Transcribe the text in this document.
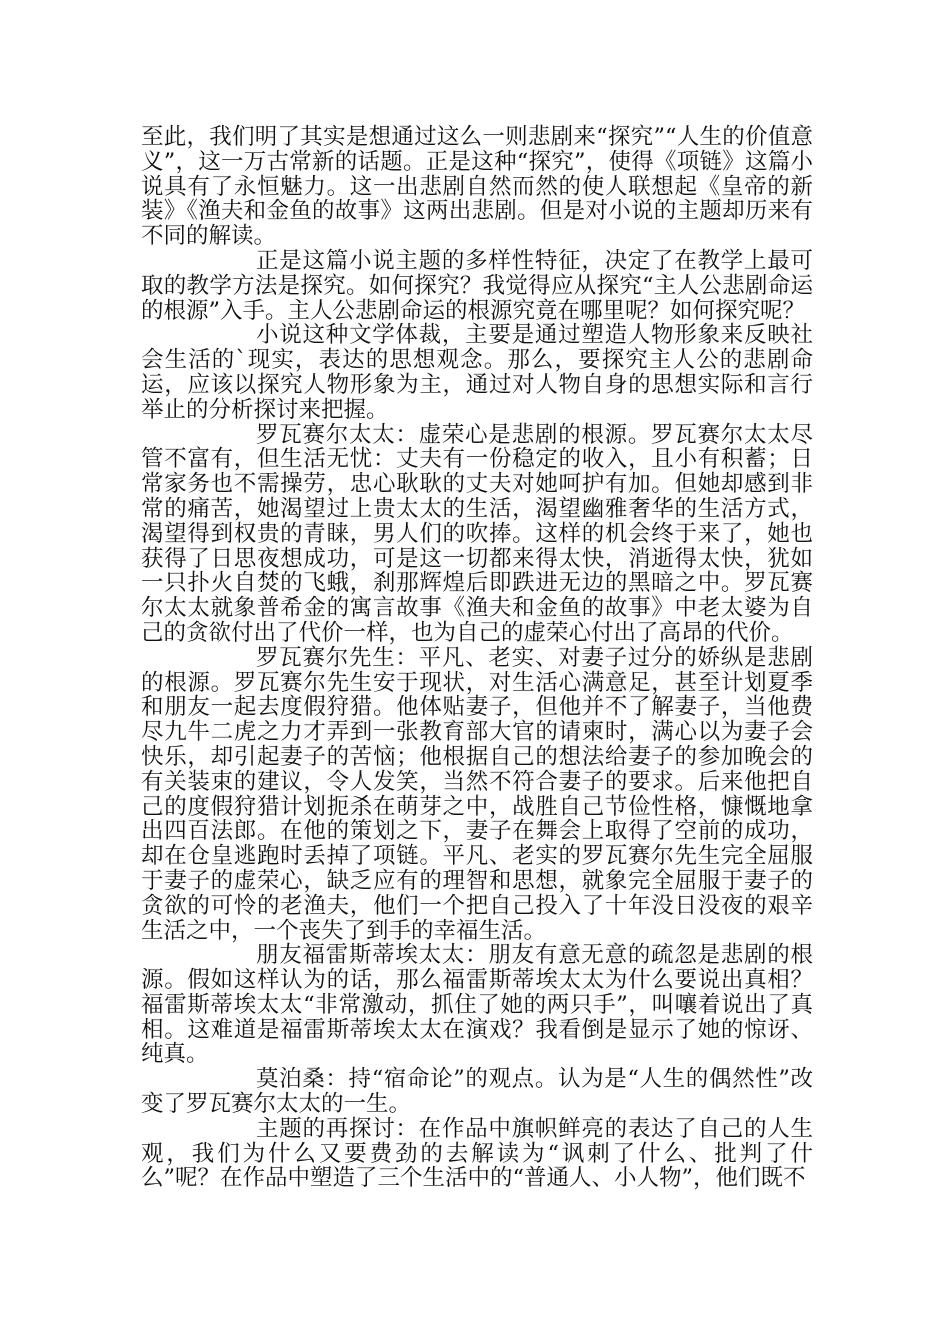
至此，我们明了其实是想通过这么一则悲剧来“探究”“人生的价值意义”，这一万古常新的话题。正是这种“探究”，使得《项链》这篇小说具有了永恒魅力。这一出悲剧自然而然的使人联想起《皇帝的新装》《渔夫和金鱼的故事》这两出悲剧。但是对小说的主题却历来有不同的解读。

正是这篇小说主题的多样性特征，决定了在教学上最可取的教学方法是探究。如何探究？我觉得应从探究“主人公悲剧命运的根源”入手。主人公悲剧命运的根源究竟在哪里呢？如何探究呢？

小说这种文学体裁，主要是通过塑造人物形象来反映社会生活的`现实，表达的思想观念。那么，要探究主人公的悲剧命运，应该以探究人物形象为主，通过对人物自身的思想实际和言行举止的分析探讨来把握。

罗瓦赛尔太太：虚荣心是悲剧的根源。罗瓦赛尔太太尽管不富有，但生活无忧：丈夫有一份稳定的收入，且小有积蓄；日常家务也不需操劳，忠心耿耿的丈夫对她呵护有加。但她却感到非常的痛苦，她渴望过上贵太太的生活，渴望幽雅奢华的生活方式，渴望得到权贵的青睐，男人们的吹捧。这样的机会终于来了，她也获得了日思夜想成功，可是这一切都来得太快，消逝得太快，犹如一只扑火自焚的飞蛾，刹那辉煌后即跌进无边的黑暗之中。罗瓦赛尔太太就象普希金的寓言故事《渔夫和金鱼的故事》中老太婆为自己的贪欲付出了代价一样，也为自己的虚荣心付出了高昂的代价。

罗瓦赛尔先生：平凡、老实、对妻子过分的娇纵是悲剧的根源。罗瓦赛尔先生安于现状，对生活心满意足，甚至计划夏季和朋友一起去度假狩猎。他体贴妻子，但他并不了解妻子，当他费尽九牛二虎之力才弄到一张教育部大官的请柬时，满心以为妻子会快乐，却引起妻子的苦恼；他根据自己的想法给妻子的参加晚会的有关装束的建议，令人发笑，当然不符合妻子的要求。后来他把自己的度假狩猎计划扼杀在萌芽之中，战胜自己节俭性格，慷慨地拿出四百法郎。在他的策划之下，妻子在舞会上取得了空前的成功，却在仓皇逃跑时丢掉了项链。平凡、老实的罗瓦赛尔先生完全屈服于妻子的虚荣心，缺乏应有的理智和思想，就象完全屈服于妻子的贪欲的可怜的老渔夫，他们一个把自己投入了十年没日没夜的艰辛生活之中，一个丧失了到手的幸福生活。

朋友福雷斯蒂埃太太：朋友有意无意的疏忽是悲剧的根源。假如这样认为的话，那么福雷斯蒂埃太太为什么要说出真相？福雷斯蒂埃太太“非常激动，抓住了她的两只手”，叫嚷着说出了真相。这难道是福雷斯蒂埃太太在演戏？我看倒是显示了她的惊讶、纯真。

莫泊桑：持“宿命论”的观点。认为是“人生的偶然性”改变了罗瓦赛尔太太的一生。

主题的再探讨：在作品中旗帜鲜亮的表达了自己的人生观，我们为什么又要费劲的去解读为“讽刺了什么、批判了什么”呢？在作品中塑造了三个生活中的“普通人、小人物”，他们既不
